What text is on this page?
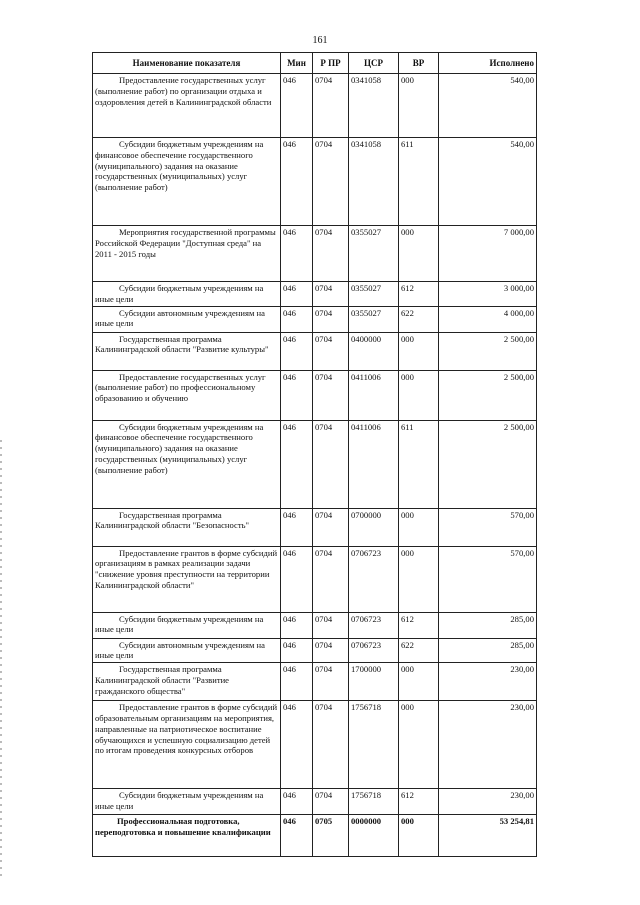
161
Наименование показателя	Мин	Р ПР	ЦСР	ВР	Исполнено
Предоставление государственных услуг (выполнение работ) по организации отдыха и оздоровления детей в Калининградской области	046	0704	0341058	000	540,00
Субсидии бюджетным учреждениям на финансовое обеспечение государственного (муниципального) задания на оказание государственных (муниципальных) услуг (выполнение работ)	046	0704	0341058	611	540,00
Мероприятия государственной программы Российской Федерации "Доступная среда" на 2011 - 2015 годы	046	0704	0355027	000	7 000,00
Субсидии бюджетным учреждениям на иные цели	046	0704	0355027	612	3 000,00
Субсидии автономным учреждениям на иные цели	046	0704	0355027	622	4 000,00
Государственная программа Калининградской области "Развитие культуры"	046	0704	0400000	000	2 500,00
Предоставление государственных услуг (выполнение работ) по профессиональному образованию и обучению	046	0704	0411006	000	2 500,00
Субсидии бюджетным учреждениям на финансовое обеспечение государственного (муниципального) задания на оказание государственных (муниципальных) услуг (выполнение работ)	046	0704	0411006	611	2 500,00
Государственная программа Калининградской области "Безопасность"	046	0704	0700000	000	570,00
Предоставление грантов в форме субсидий организациям в рамках реализации задачи "снижение уровня преступности на территории Калининградской области"	046	0704	0706723	000	570,00
Субсидии бюджетным учреждениям на иные цели	046	0704	0706723	612	285,00
Субсидии автономным учреждениям на иные цели	046	0704	0706723	622	285,00
Государственная программа Калининградской области "Развитие гражданского общества"	046	0704	1700000	000	230,00
Предоставление грантов в форме субсидий образовательным организациям на мероприятия, направленные на патриотическое воспитание обучающихся и успешную социализацию детей по итогам проведения конкурсных отборов	046	0704	1756718	000	230,00
Субсидии бюджетным учреждениям на иные цели	046	0704	1756718	612	230,00
Профессиональная подготовка, переподготовка и повышение квалификации	046	0705	0000000	000	53 254,81
